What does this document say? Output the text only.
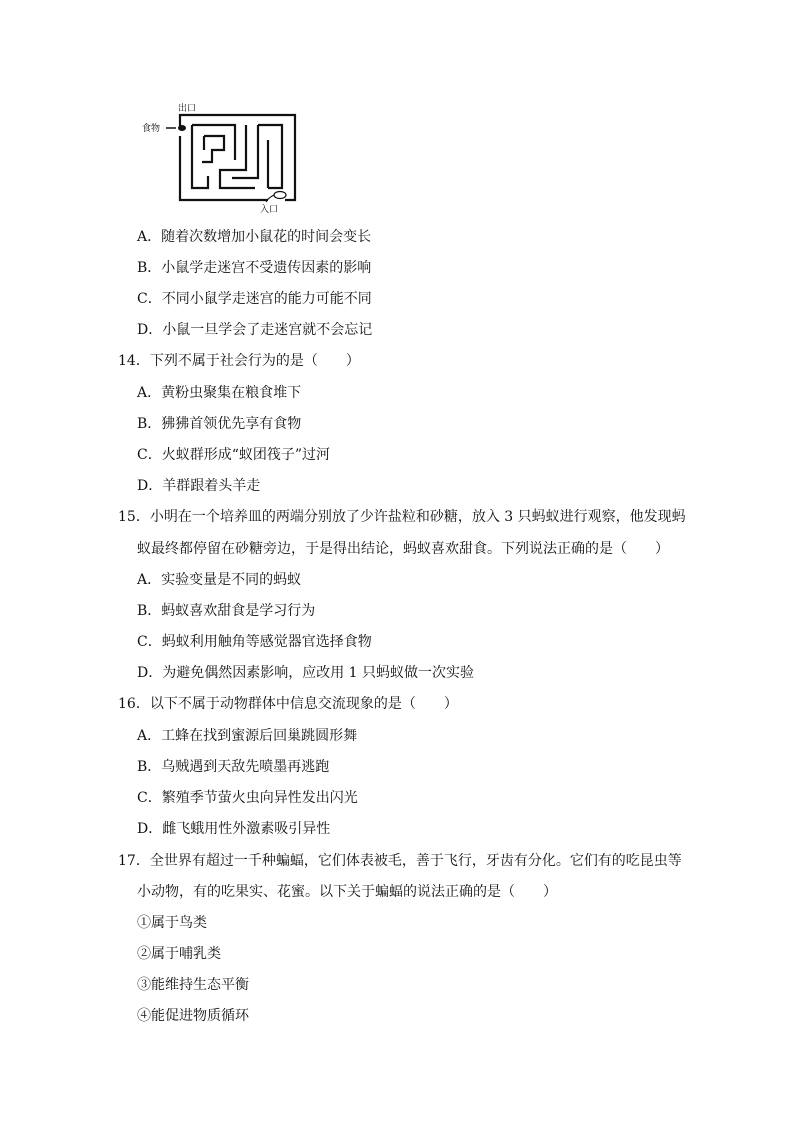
出口
食物
入口
A．随着次数增加小鼠花的时间会变长
B．小鼠学走迷宫不受遗传因素的影响
C．不同小鼠学走迷宫的能力可能不同
D．小鼠一旦学会了走迷宫就不会忘记
14．下列不属于社会行为的是（　　）
A．黄粉虫聚集在粮食堆下
B．狒狒首领优先享有食物
C．火蚁群形成“蚁团筏子”过河
D．羊群跟着头羊走
15．小明在一个培养皿的两端分别放了少许盐粒和砂糖，放入 3 只蚂蚁进行观察，他发现蚂
蚁最终都停留在砂糖旁边，于是得出结论，蚂蚁喜欢甜食。下列说法正确的是（　　）
A．实验变量是不同的蚂蚁
B．蚂蚁喜欢甜食是学习行为
C．蚂蚁利用触角等感觉器官选择食物
D．为避免偶然因素影响，应改用 1 只蚂蚁做一次实验
16．以下不属于动物群体中信息交流现象的是（　　）
A．工蜂在找到蜜源后回巢跳圆形舞
B．乌贼遇到天敌先喷墨再逃跑
C．繁殖季节萤火虫向异性发出闪光
D．雌飞蛾用性外激素吸引异性
17．全世界有超过一千种蝙蝠，它们体表被毛，善于飞行，牙齿有分化。它们有的吃昆虫等
小动物，有的吃果实、花蜜。以下关于蝙蝠的说法正确的是（　　）
①属于鸟类
②属于哺乳类
③能维持生态平衡
④能促进物质循环
